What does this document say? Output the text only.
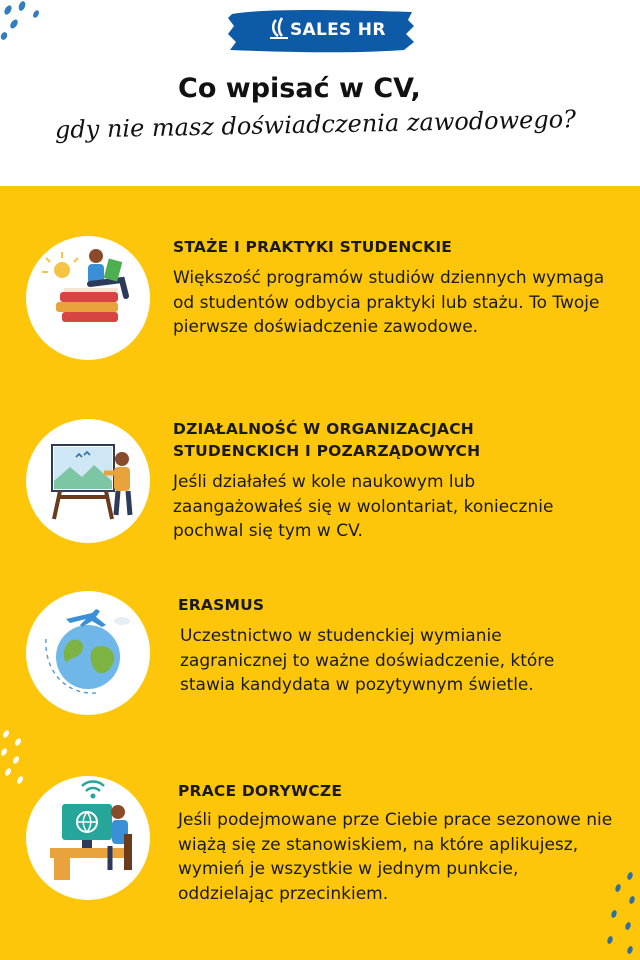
SALES HR
Co wpisać w CV,
gdy nie masz doświadczenia zawodowego?
STAŻE I PRAKTYKI STUDENCKIE
Większość programów studiów dziennych wymaga od studentów odbycia praktyki lub stażu. To Twoje pierwsze doświadczenie zawodowe.
DZIAŁALNOŚĆ W ORGANIZACJACH
STUDENCKICH I POZARZĄDOWYCH
Jeśli działałeś w kole naukowym lub zaangażowałeś się w wolontariat, koniecznie pochwal się tym w CV.
ERASMUS
Uczestnictwo w studenckiej wymianie zagranicznej to ważne doświadczenie, które stawia kandydata w pozytywnym świetle.
PRACE DORYWCZE
Jeśli podejmowane prze Ciebie prace sezonowe nie wiążą się ze stanowiskiem, na które aplikujesz, wymień je wszystkie w jednym punkcie, oddzielając przecinkiem.
